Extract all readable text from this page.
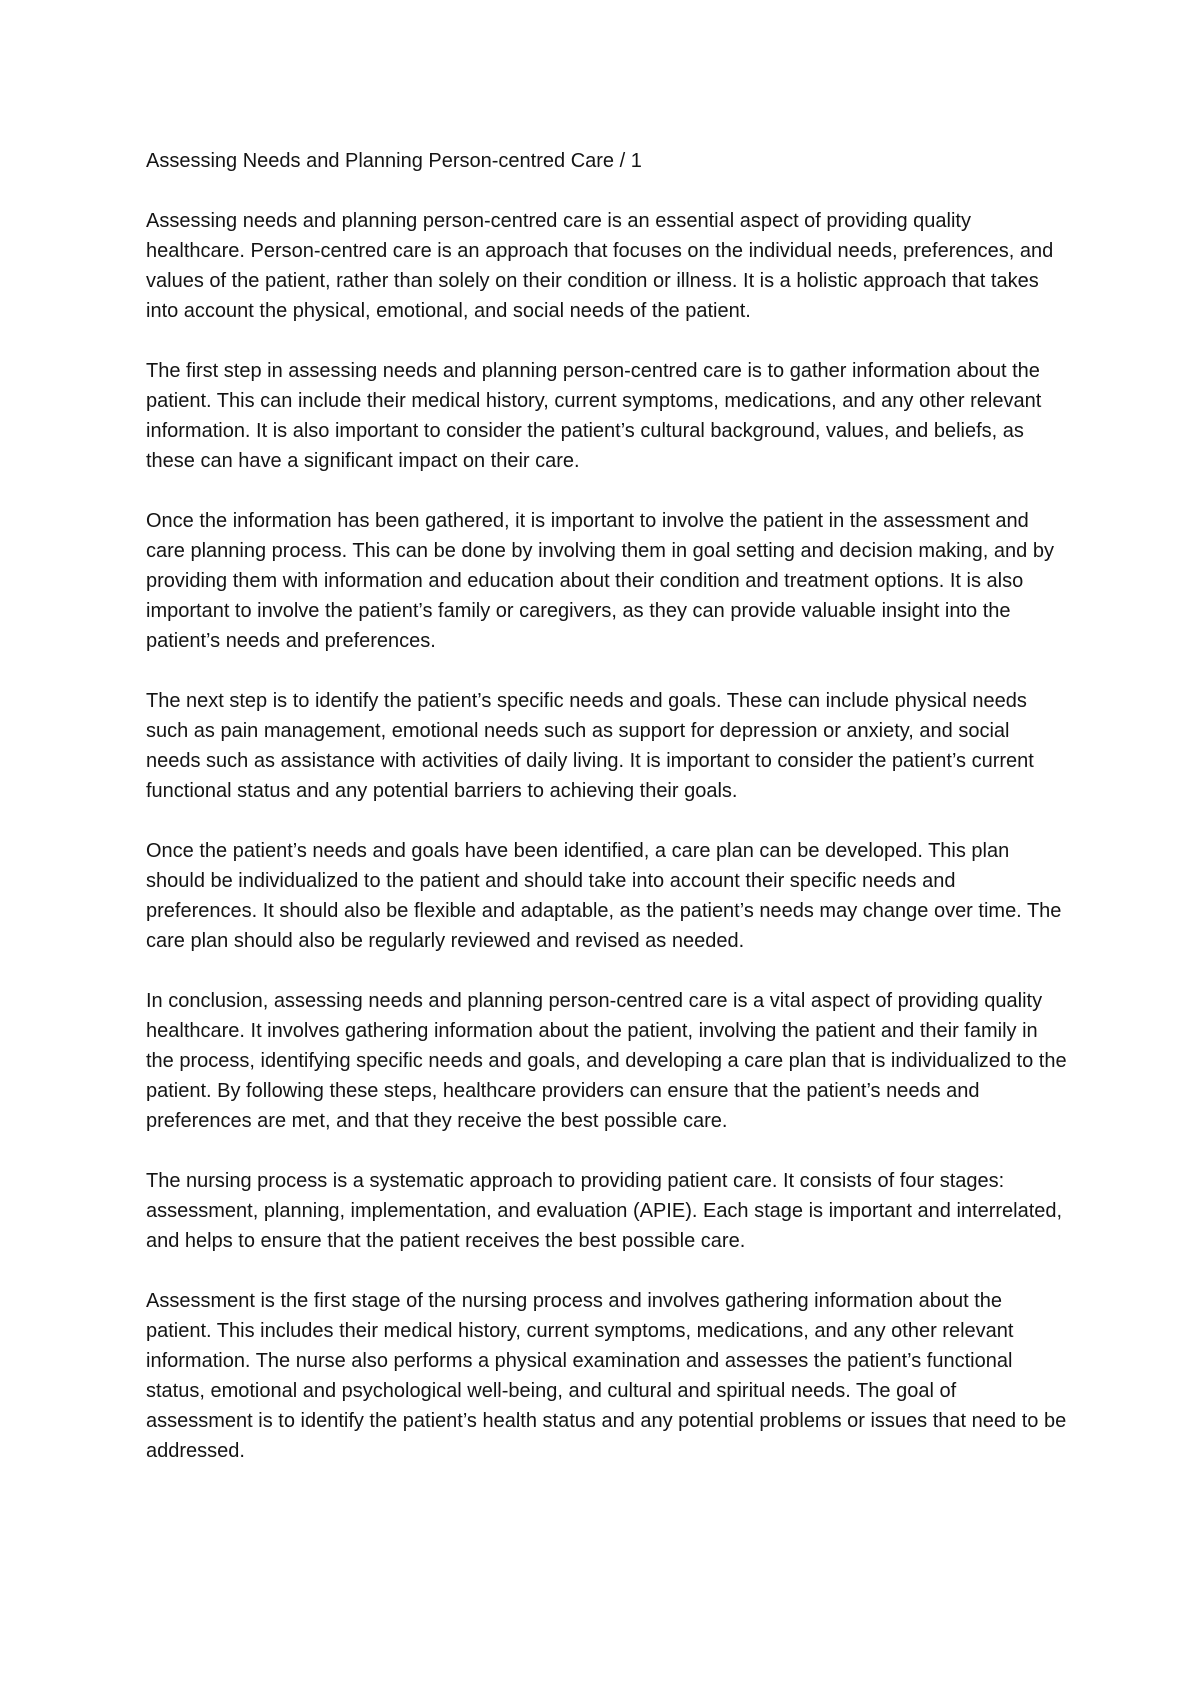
Assessing Needs and Planning Person-centred Care / 1

Assessing needs and planning person-centred care is an essential aspect of providing quality healthcare. Person-centred care is an approach that focuses on the individual needs, preferences, and values of the patient, rather than solely on their condition or illness. It is a holistic approach that takes into account the physical, emotional, and social needs of the patient.

The first step in assessing needs and planning person-centred care is to gather information about the patient. This can include their medical history, current symptoms, medications, and any other relevant information. It is also important to consider the patient’s cultural background, values, and beliefs, as these can have a significant impact on their care.

Once the information has been gathered, it is important to involve the patient in the assessment and care planning process. This can be done by involving them in goal setting and decision making, and by providing them with information and education about their condition and treatment options. It is also important to involve the patient’s family or caregivers, as they can provide valuable insight into the patient’s needs and preferences.

The next step is to identify the patient’s specific needs and goals. These can include physical needs such as pain management, emotional needs such as support for depression or anxiety, and social needs such as assistance with activities of daily living. It is important to consider the patient’s current functional status and any potential barriers to achieving their goals.

Once the patient’s needs and goals have been identified, a care plan can be developed. This plan should be individualized to the patient and should take into account their specific needs and preferences. It should also be flexible and adaptable, as the patient’s needs may change over time. The care plan should also be regularly reviewed and revised as needed.

In conclusion, assessing needs and planning person-centred care is a vital aspect of providing quality healthcare. It involves gathering information about the patient, involving the patient and their family in the process, identifying specific needs and goals, and developing a care plan that is individualized to the patient. By following these steps, healthcare providers can ensure that the patient’s needs and preferences are met, and that they receive the best possible care.

The nursing process is a systematic approach to providing patient care. It consists of four stages: assessment, planning, implementation, and evaluation (APIE). Each stage is important and interrelated, and helps to ensure that the patient receives the best possible care.

Assessment is the first stage of the nursing process and involves gathering information about the patient. This includes their medical history, current symptoms, medications, and any other relevant information. The nurse also performs a physical examination and assesses the patient’s functional status, emotional and psychological well-being, and cultural and spiritual needs. The goal of assessment is to identify the patient’s health status and any potential problems or issues that need to be addressed.
